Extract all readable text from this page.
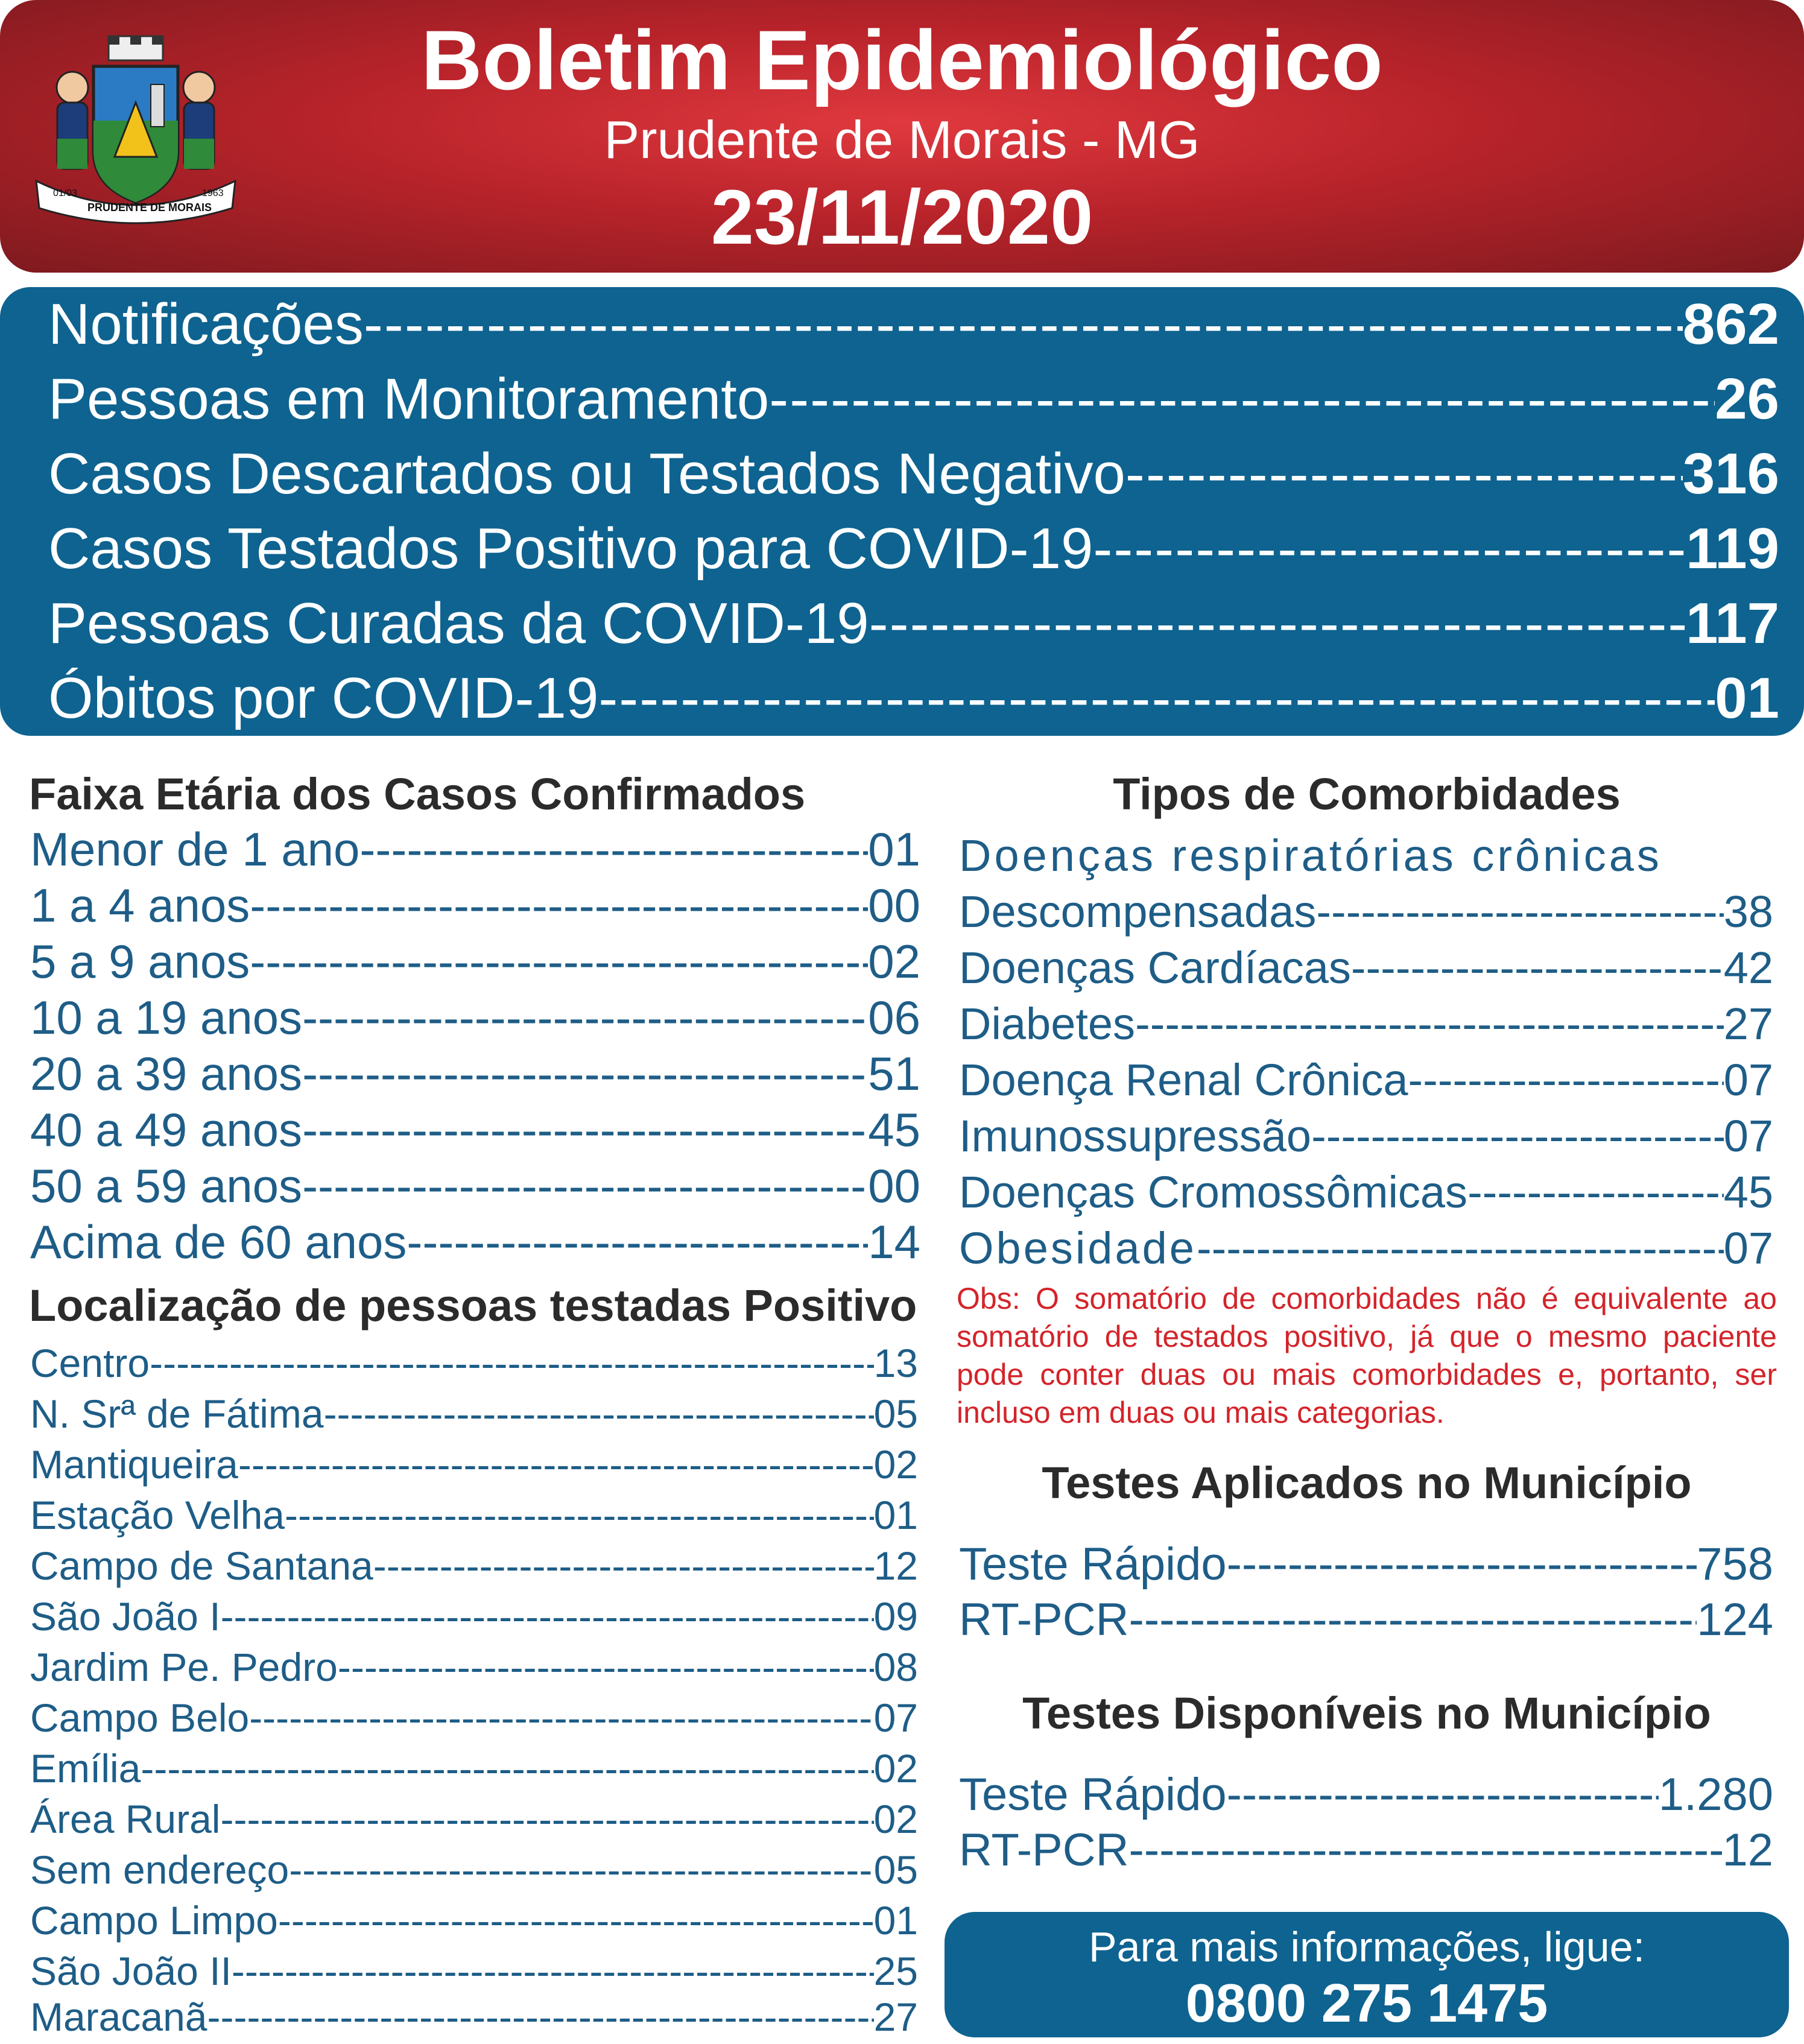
01/03	1963
PRUDENTE DE MORAIS
Boletim Epidemiológico
Prudente de Morais - MG
23/11/2020
Notificações -----	862
Pessoas em Monitoramento -----	26
Casos Descartados ou Testados Negativo -----	316
Casos Testados Positivo para COVID-19 -----	119
Pessoas Curadas da COVID-19 -----	117
Óbitos por COVID-19 -----	01
Faixa Etária dos Casos Confirmados
Menor de 1 ano -----	01
1 a 4 anos -----	00
5 a 9 anos -----	02
10 a 19 anos -----	06
20 a 39 anos -----	51
40 a 49 anos -----	45
50 a 59 anos -----	00
Acima de 60 anos -----	14
Localização de pessoas testadas Positivo
Centro -----	13
N. Srª de Fátima -----	05
Mantiqueira -----	02
Estação Velha -----	01
Campo de Santana -----	12
São João I -----	09
Jardim Pe. Pedro -----	08
Campo Belo -----	07
Emília -----	02
Área Rural -----	02
Sem endereço -----	05
Campo Limpo -----	01
São João II -----	25
Maracanã -----	27
Tipos de Comorbidades
Doenças respiratórias crônicas
Descompensadas -----	38
Doenças Cardíacas -----	42
Diabetes -----	27
Doença Renal Crônica -----	07
Imunossupressão -----	07
Doenças Cromossômicas -----	45
Obesidade -----	07
Obs: O somatório de comorbidades não é equivalente ao somatório de testados positivo, já que o mesmo paciente pode conter duas ou mais comorbidades e, portanto, ser incluso em duas ou mais categorias.
Testes Aplicados no Município
Teste Rápido -----	758
RT-PCR -----	124
Testes Disponíveis no Município
Teste Rápido -----	1.280
RT-PCR -----	12
Para mais informações, ligue:
0800 275 1475
